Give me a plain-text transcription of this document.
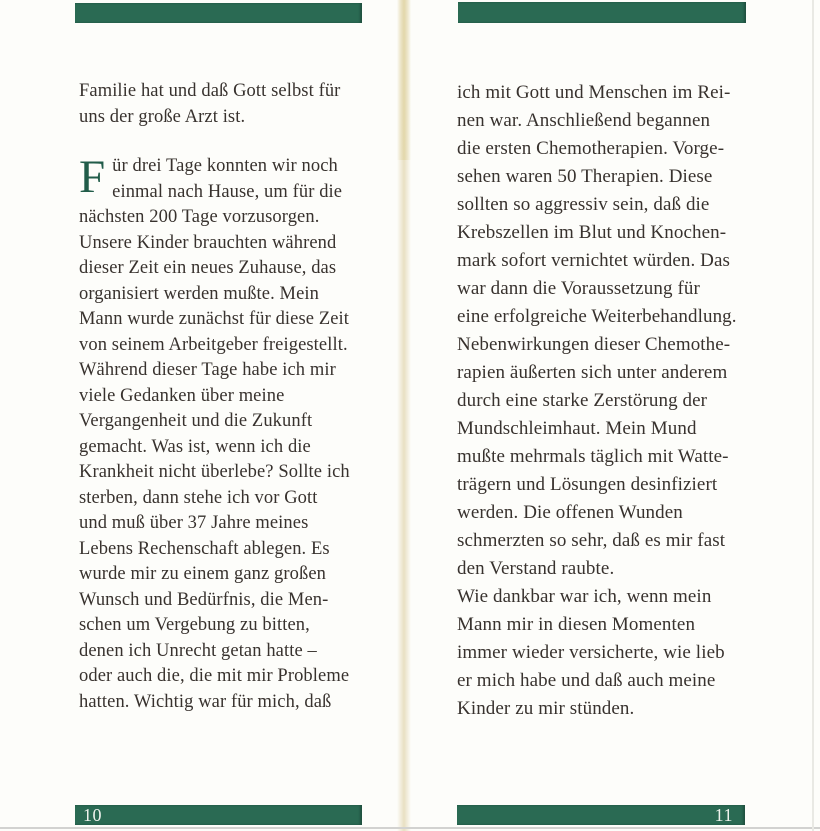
Familie hat und daß Gott selbst für
uns der große Arzt ist.
F ür drei Tage konnten wir noch
einmal nach Hause, um für die
nächsten 200 Tage vorzusorgen.
Unsere Kinder brauchten während
dieser Zeit ein neues Zuhause, das
organisiert werden mußte. Mein
Mann wurde zunächst für diese Zeit
von seinem Arbeitgeber freigestellt.
Während dieser Tage habe ich mir
viele Gedanken über meine
Vergangenheit und die Zukunft
gemacht. Was ist, wenn ich die
Krankheit nicht überlebe? Sollte ich
sterben, dann stehe ich vor Gott
und muß über 37 Jahre meines
Lebens Rechenschaft ablegen. Es
wurde mir zu einem ganz großen
Wunsch und Bedürfnis, die Men-
schen um Vergebung zu bitten,
denen ich Unrecht getan hatte –
oder auch die, die mit mir Probleme
hatten. Wichtig war für mich, daß
ich mit Gott und Menschen im Rei-
nen war. Anschließend begannen
die ersten Chemotherapien. Vorge-
sehen waren 50 Therapien. Diese
sollten so aggressiv sein, daß die
Krebszellen im Blut und Knochen-
mark sofort vernichtet würden. Das
war dann die Voraussetzung für
eine erfolgreiche Weiterbehandlung.
Nebenwirkungen dieser Chemothe-
rapien äußerten sich unter anderem
durch eine starke Zerstörung der
Mundschleimhaut. Mein Mund
mußte mehrmals täglich mit Watte-
trägern und Lösungen desinfiziert
werden. Die offenen Wunden
schmerzten so sehr, daß es mir fast
den Verstand raubte.
Wie dankbar war ich, wenn mein
Mann mir in diesen Momenten
immer wieder versicherte, wie lieb
er mich habe und daß auch meine
Kinder zu mir stünden.
10	11
